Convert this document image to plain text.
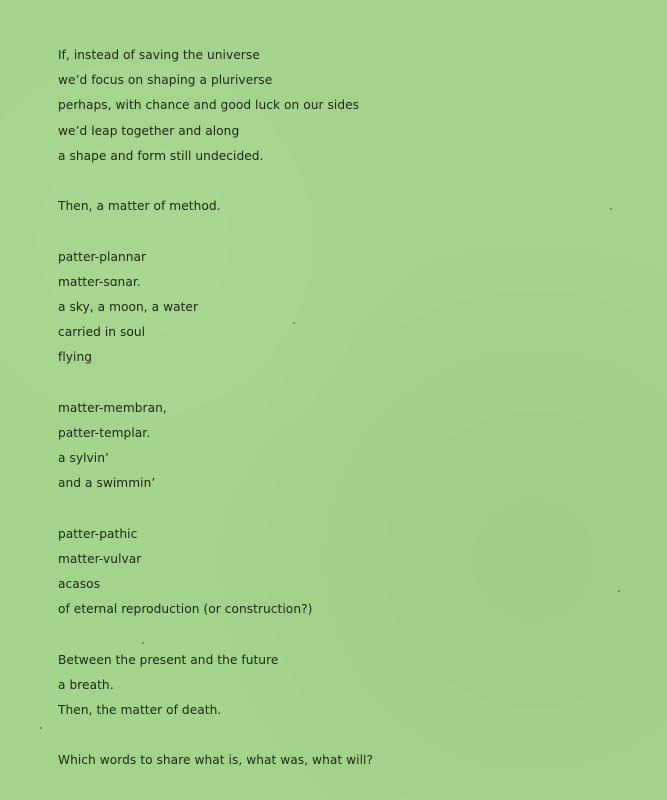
If, instead of saving the universe
we’d focus on shaping a pluriverse
perhaps, with chance and good luck on our sides
we’d leap together and along
a shape and form still undecided.
Then, a matter of method.
patter-plannar
matter-sɑnar.
a sky, a moon, a water
carried in soul
flying
matter-membran,
patter-templar.
a sylvin’
and a swimmin’
patter-pathic
matter-vulvar
acasos
of eternal reproduction (or construction?)
Between the present and the future
a breath.
Then, the matter of death.
Which words to share what is, what was, what will?
